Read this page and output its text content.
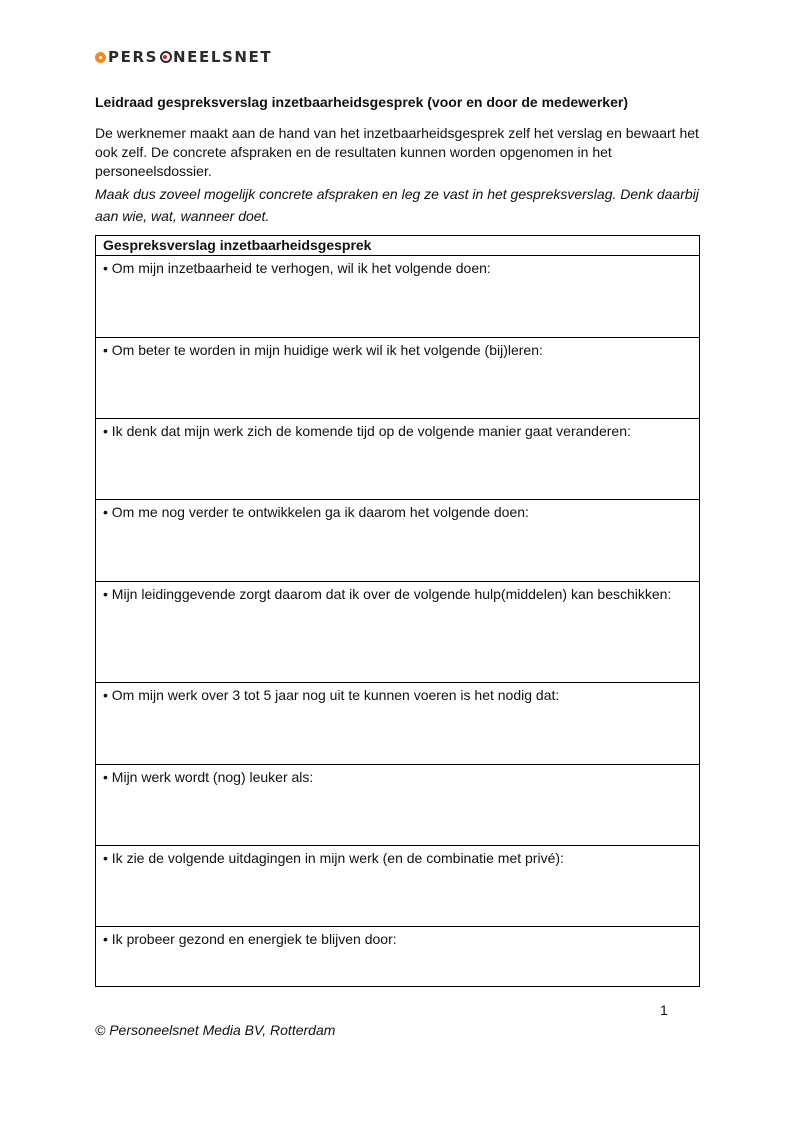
PERS NEELSNET
Leidraad gespreksverslag inzetbaarheidsgesprek (voor en door de medewerker)
De werknemer maakt aan de hand van het inzetbaarheidsgesprek zelf het verslag en bewaart het ook zelf. De concrete afspraken en de resultaten kunnen worden opgenomen in het personeelsdossier.
Maak dus zoveel mogelijk concrete afspraken en leg ze vast in het gespreksverslag. Denk daarbij aan wie, wat, wanneer doet.
Gespreksverslag inzetbaarheidsgesprek
• Om mijn inzetbaarheid te verhogen, wil ik het volgende doen:
• Om beter te worden in mijn huidige werk wil ik het volgende (bij)leren:
• Ik denk dat mijn werk zich de komende tijd op de volgende manier gaat veranderen:
• Om me nog verder te ontwikkelen ga ik daarom het volgende doen:
• Mijn leidinggevende zorgt daarom dat ik over de volgende hulp(middelen) kan beschikken:
• Om mijn werk over 3 tot 5 jaar nog uit te kunnen voeren is het nodig dat:
• Mijn werk wordt (nog) leuker als:
• Ik zie de volgende uitdagingen in mijn werk (en de combinatie met privé):
• Ik probeer gezond en energiek te blijven door:
1
© Personeelsnet Media BV, Rotterdam
